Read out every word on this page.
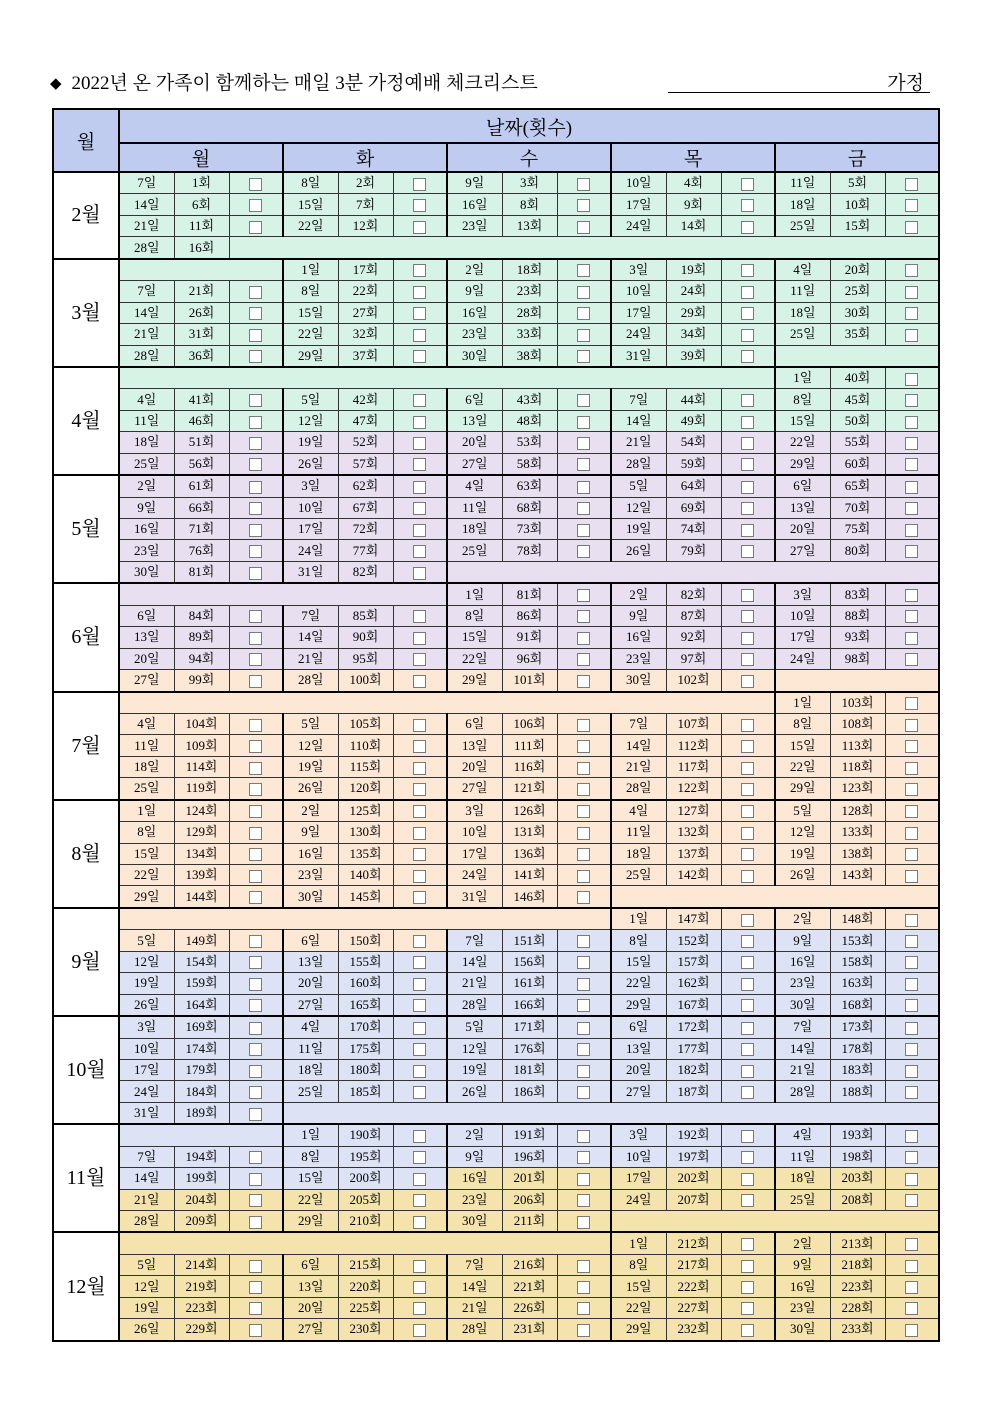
◆ 2022년 온 가족이 함께하는 매일 3분 가정예배 체크리스트	가정
월	날짜(횟수)														
	월			화			수			목			금		
2월	7일	1회		8일	2회		9일	3회		10일	4회		11일	5회	
	14일	6회		15일	7회		16일	8회		17일	9회		18일	10회	
	21일	11회		22일	12회		23일	13회		24일	14회		25일	15회	
	28일	16회													
3월				1일	17회		2일	18회		3일	19회		4일	20회	
	7일	21회		8일	22회		9일	23회		10일	24회		11일	25회	
	14일	26회		15일	27회		16일	28회		17일	29회		18일	30회	
	21일	31회		22일	32회		23일	33회		24일	34회		25일	35회	
	28일	36회		29일	37회		30일	38회		31일	39회				
4월													1일	40회	
	4일	41회		5일	42회		6일	43회		7일	44회		8일	45회	
	11일	46회		12일	47회		13일	48회		14일	49회		15일	50회	
	18일	51회		19일	52회		20일	53회		21일	54회		22일	55회	
	25일	56회		26일	57회		27일	58회		28일	59회		29일	60회	
5월	2일	61회		3일	62회		4일	63회		5일	64회		6일	65회	
	9일	66회		10일	67회		11일	68회		12일	69회		13일	70회	
	16일	71회		17일	72회		18일	73회		19일	74회		20일	75회	
	23일	76회		24일	77회		25일	78회		26일	79회		27일	80회	
	30일	81회		31일	82회										
6월							1일	81회		2일	82회		3일	83회	
	6일	84회		7일	85회		8일	86회		9일	87회		10일	88회	
	13일	89회		14일	90회		15일	91회		16일	92회		17일	93회	
	20일	94회		21일	95회		22일	96회		23일	97회		24일	98회	
	27일	99회		28일	100회		29일	101회		30일	102회				
7월													1일	103회	
	4일	104회		5일	105회		6일	106회		7일	107회		8일	108회	
	11일	109회		12일	110회		13일	111회		14일	112회		15일	113회	
	18일	114회		19일	115회		20일	116회		21일	117회		22일	118회	
	25일	119회		26일	120회		27일	121회		28일	122회		29일	123회	
8월	1일	124회		2일	125회		3일	126회		4일	127회		5일	128회	
	8일	129회		9일	130회		10일	131회		11일	132회		12일	133회	
	15일	134회		16일	135회		17일	136회		18일	137회		19일	138회	
	22일	139회		23일	140회		24일	141회		25일	142회		26일	143회	
	29일	144회		30일	145회		31일	146회							
9월										1일	147회		2일	148회	
	5일	149회		6일	150회		7일	151회		8일	152회		9일	153회	
	12일	154회		13일	155회		14일	156회		15일	157회		16일	158회	
	19일	159회		20일	160회		21일	161회		22일	162회		23일	163회	
	26일	164회		27일	165회		28일	166회		29일	167회		30일	168회	
10월	3일	169회		4일	170회		5일	171회		6일	172회		7일	173회	
	10일	174회		11일	175회		12일	176회		13일	177회		14일	178회	
	17일	179회		18일	180회		19일	181회		20일	182회		21일	183회	
	24일	184회		25일	185회		26일	186회		27일	187회		28일	188회	
	31일	189회													
11월				1일	190회		2일	191회		3일	192회		4일	193회	
	7일	194회		8일	195회		9일	196회		10일	197회		11일	198회	
	14일	199회		15일	200회		16일	201회		17일	202회		18일	203회	
	21일	204회		22일	205회		23일	206회		24일	207회		25일	208회	
	28일	209회		29일	210회		30일	211회							
12월										1일	212회		2일	213회	
	5일	214회		6일	215회		7일	216회		8일	217회		9일	218회	
	12일	219회		13일	220회		14일	221회		15일	222회		16일	223회	
	19일	223회		20일	225회		21일	226회		22일	227회		23일	228회	
	26일	229회		27일	230회		28일	231회		29일	232회		30일	233회	
